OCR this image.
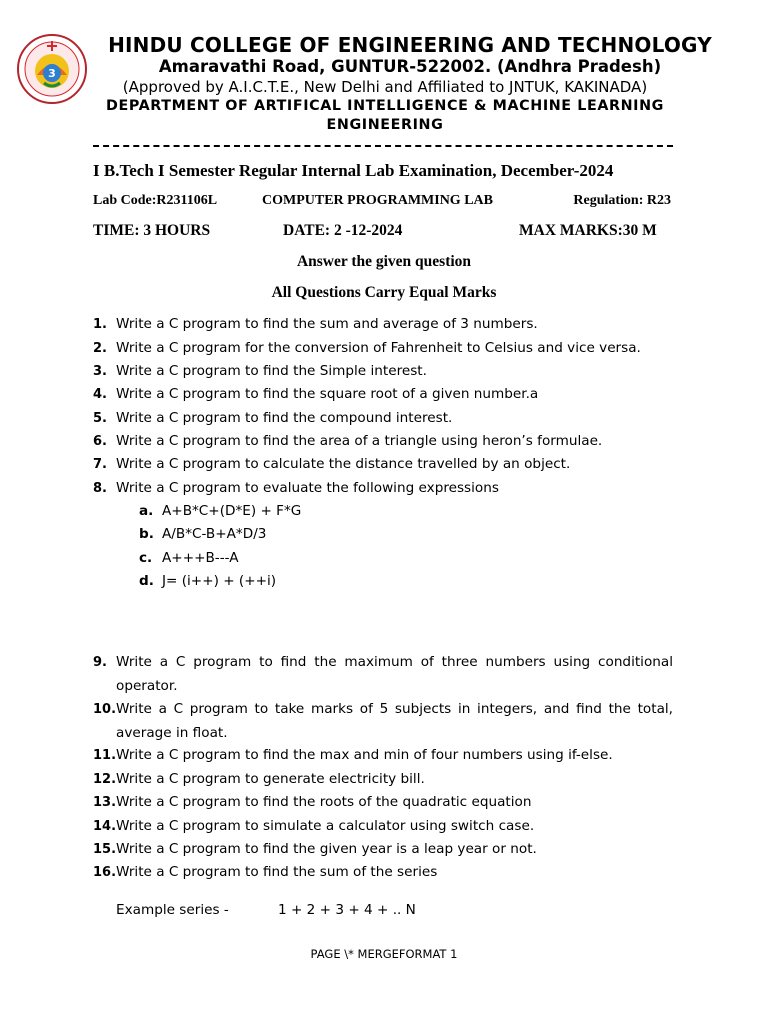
3
HINDU COLLEGE OF ENGINEERING AND TECHNOLOGY
Amaravathi Road, GUNTUR-522002. (Andhra Pradesh)
(Approved by A.I.C.T.E., New Delhi and Affiliated to JNTUK, KAKINADA)
DEPARTMENT OF ARTIFICAL INTELLIGENCE & MACHINE LEARNING
ENGINEERING
I B.Tech I Semester Regular Internal Lab Examination, December-2024
Lab Code:R231106L	COMPUTER PROGRAMMING LAB	Regulation: R23
TIME: 3 HOURS	DATE: 2 -12-2024	MAX MARKS:30 M
Answer the given question
All Questions Carry Equal Marks
1. Write a C program to find the sum and average of 3 numbers.
2. Write a C program for the conversion of Fahrenheit to Celsius and vice versa.
3. Write a C program to find the Simple interest.
4. Write a C program to find the square root of a given number.a
5. Write a C program to find the compound interest.
6. Write a C program to find the area of a triangle using heron’s formulae.
7. Write a C program to calculate the distance travelled by an object.
8. Write a C program to evaluate the following expressions
a. A+B*C+(D*E) + F*G
b. A/B*C-B+A*D/3
c. A+++B---A
d. J= (i++) + (++i)
9. Write a C program to find the maximum of three numbers using conditional operator.
10. Write a C program to take marks of 5 subjects in integers, and find the total, average in float.
11. Write a C program to find the max and min of four numbers using if-else.
12. Write a C program to generate electricity bill.
13. Write a C program to find the roots of the quadratic equation
14. Write a C program to simulate a calculator using switch case.
15. Write a C program to find the given year is a leap year or not.
16. Write a C program to find the sum of the series
Example series -	1 + 2 + 3 + 4 + .. N
PAGE \* MERGEFORMAT 1
